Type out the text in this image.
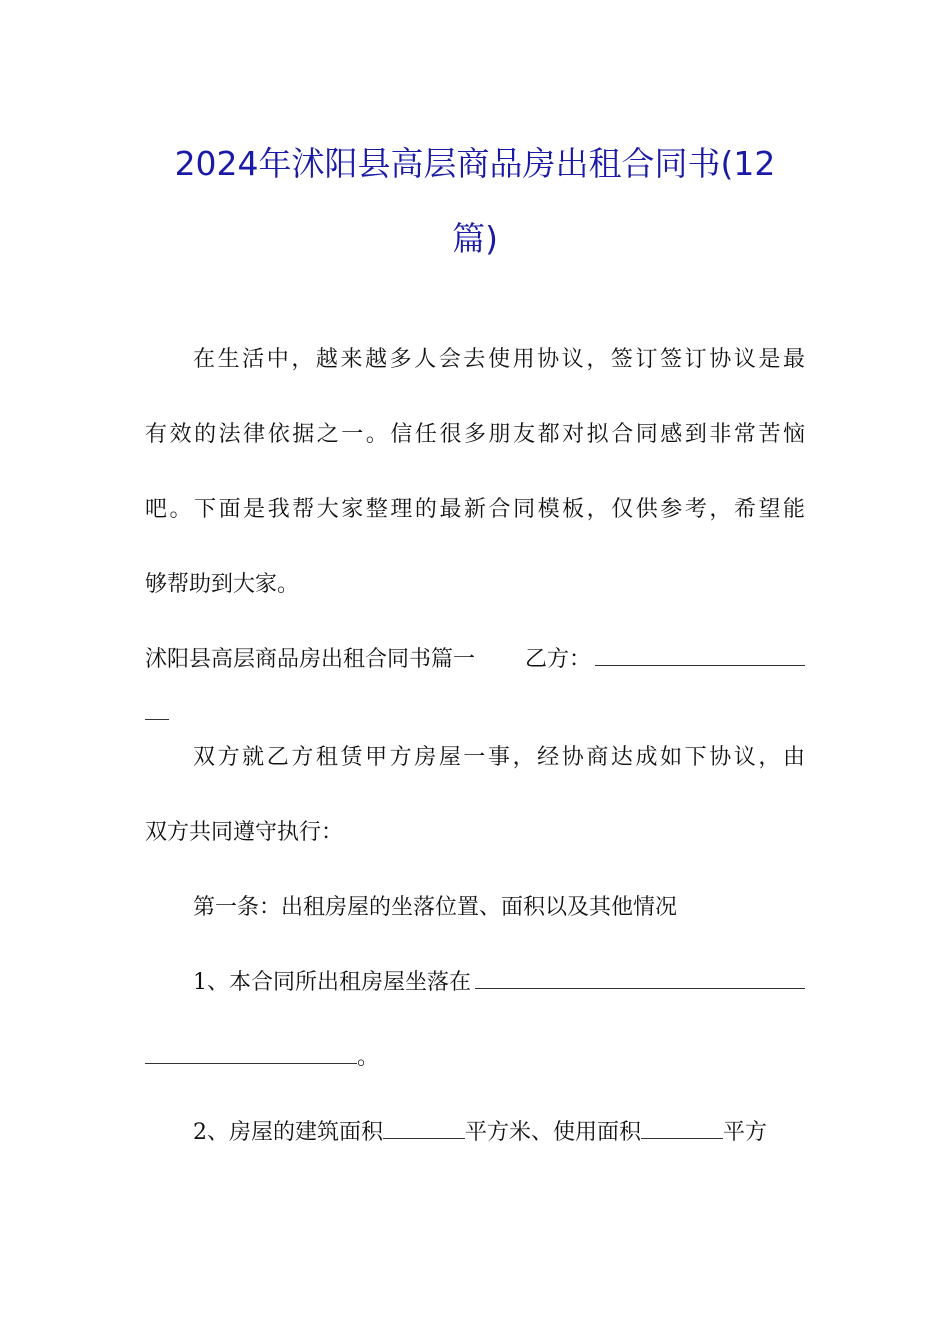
2024年沭阳县高层商品房出租合同书(12
篇)

在生活中，越来越多人会去使用协议，签订签订协议是最

有效的法律依据之一。信任很多朋友都对拟合同感到非常苦恼

吧。下面是我帮大家整理的最新合同模板，仅供参考，希望能

够帮助到大家。

沭阳县高层商品房出租合同书篇一 乙方：

双方就乙方租赁甲方房屋一事，经协商达成如下协议，由

双方共同遵守执行：

第一条：出租房屋的坐落位置、面积以及其他情况

1、本合同所出租房屋坐落在
。
2、房屋的建筑面积	平方米、使用面积	平方
